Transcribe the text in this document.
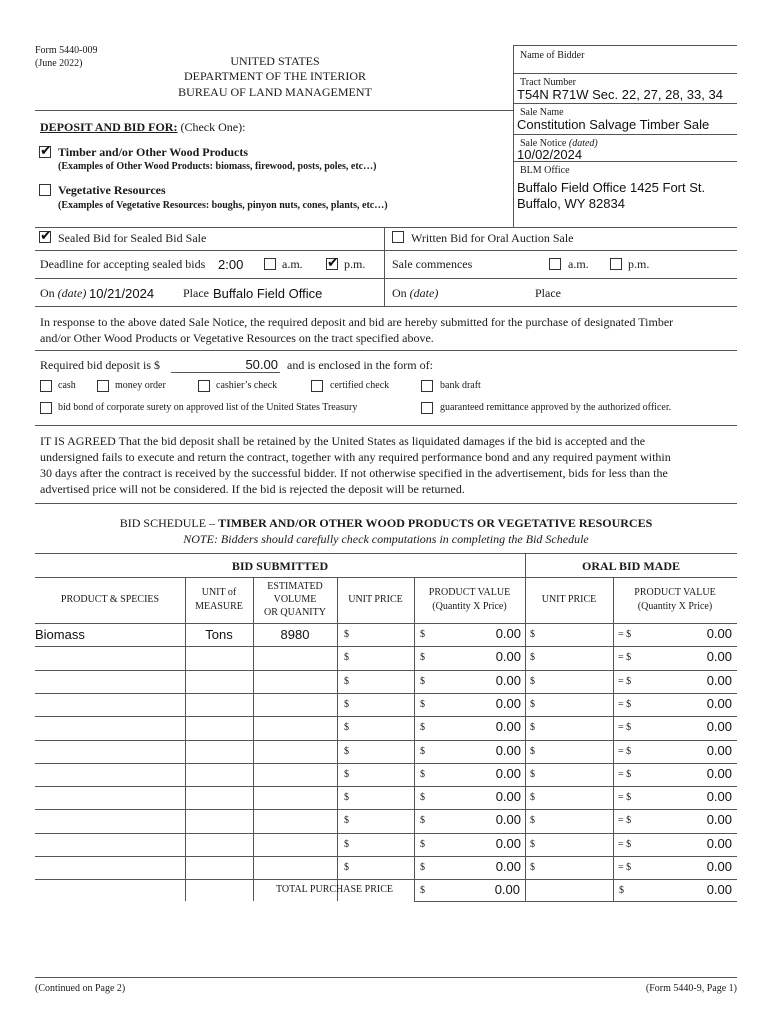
Form 5440-009
(June 2022)	UNITED STATES
DEPARTMENT OF THE INTERIOR
BUREAU OF LAND MANAGEMENT
Name of Bidder
Tract Number
T54N R71W Sec. 22, 27, 28, 33, 34
Sale Name
Constitution Salvage Timber Sale
Sale Notice (dated)
10/02/2024
BLM Office
Buffalo Field Office 1425 Fort St.
Buffalo, WY 82834
DEPOSIT AND BID FOR: (Check One):
✔
Timber and/or Other Wood Products
(Examples of Other Wood Products: biomass, firewood, posts, poles, etc…)
Vegetative Resources
(Examples of Vegetative Resources: boughs, pinyon nuts, cones, plants, etc…)
✔
Sealed Bid for Sealed Bid Sale	Written Bid for Oral Auction Sale
Deadline for accepting sealed bids 2:00	a.m.
✔	p.m. Sale commences	a.m.	p.m.
On (date) 10/21/2024 Place Buffalo Field Office	On (date)	Place
In response to the above dated Sale Notice, the required deposit and bid are hereby submitted for the purchase of designated Timber
and/or Other Wood Products or Vegetative Resources on the tract specified above.
Required bid deposit is $	50.00 and is enclosed in the form of:
cash	money order	cashier’s check	certified check	bank draft
bid bond of corporate surety on approved list of the United States Treasury	guaranteed remittance approved by the authorized officer.
IT IS AGREED That the bid deposit shall be retained by the United States as liquidated damages if the bid is accepted and the
undersigned fails to execute and return the contract, together with any required performance bond and any required payment within
30 days after the contract is received by the successful bidder. If not otherwise specified in the advertisement, bids for less than the
advertised price will not be considered. If the bid is rejected the deposit will be returned.
BID SCHEDULE – TIMBER AND/OR OTHER WOOD PRODUCTS OR VEGETATIVE RESOURCES
NOTE: Bidders should carefully check computations in completing the Bid Schedule
BID SUBMITTED	ORAL BID MADE
PRODUCT & SPECIES
UNIT of
MEASURE
ESTIMATED
VOLUME
OR QUANITY
UNIT PRICE
PRODUCT VALUE
(Quantity X Price)
UNIT PRICE
PRODUCT VALUE
(Quantity X Price)
Biomass	Tons	8980	$	$	0.00 $	= $	0.00
$	$	0.00 $	= $	0.00
$	$	0.00 $	= $	0.00
$	$	0.00 $	= $	0.00
$	$	0.00 $	= $	0.00
$	$	0.00 $	= $	0.00
$	$	0.00 $	= $	0.00
$	$	0.00 $	= $	0.00
$	$	0.00 $	= $	0.00
$	$	0.00 $	= $	0.00
$	$	0.00 $	= $	0.00
TOTAL PURCHASE PRICE	$	0.00	$	0.00
(Continued on Page 2)	(Form 5440-9, Page 1)
